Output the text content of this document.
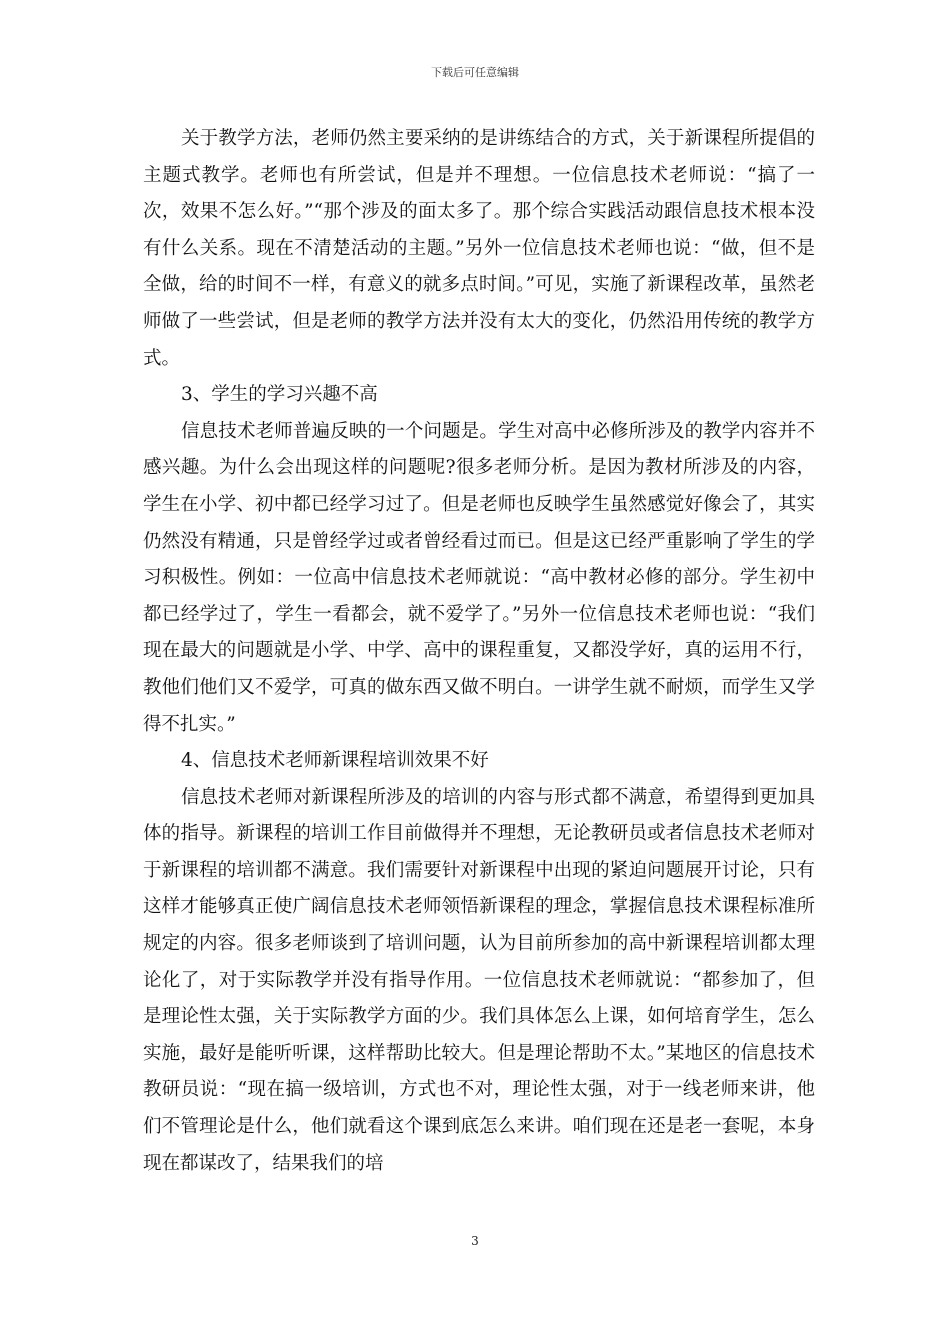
下载后可任意编辑

关于教学方法，老师仍然主要采纳的是讲练结合的方式，关于新课程所提倡的主题式教学。老师也有所尝试，但是并不理想。一位信息技术老师说：“搞了一次，效果不怎么好。”“那个涉及的面太多了。那个综合实践活动跟信息技术根本没有什么关系。现在不清楚活动的主题。”另外一位信息技术老师也说：“做，但不是全做，给的时间不一样，有意义的就多点时间。”可见，实施了新课程改革，虽然老师做了一些尝试，但是老师的教学方法并没有太大的变化，仍然沿用传统的教学方式。

3、学生的学习兴趣不高

信息技术老师普遍反映的一个问题是。学生对高中必修所涉及的教学内容并不感兴趣。为什么会出现这样的问题呢?很多老师分析。是因为教材所涉及的内容，学生在小学、初中都已经学习过了。但是老师也反映学生虽然感觉好像会了，其实仍然没有精通，只是曾经学过或者曾经看过而已。但是这已经严重影响了学生的学习积极性。例如：一位高中信息技术老师就说：“高中教材必修的部分。学生初中都已经学过了，学生一看都会，就不爱学了。”另外一位信息技术老师也说：“我们现在最大的问题就是小学、中学、高中的课程重复，又都没学好，真的运用不行，教他们他们又不爱学，可真的做东西又做不明白。一讲学生就不耐烦，而学生又学得不扎实。”

4、信息技术老师新课程培训效果不好

信息技术老师对新课程所涉及的培训的内容与形式都不满意，希望得到更加具体的指导。新课程的培训工作目前做得并不理想，无论教研员或者信息技术老师对于新课程的培训都不满意。我们需要针对新课程中出现的紧迫问题展开讨论，只有这样才能够真正使广阔信息技术老师领悟新课程的理念，掌握信息技术课程标准所规定的内容。很多老师谈到了培训问题，认为目前所参加的高中新课程培训都太理论化了，对于实际教学并没有指导作用。一位信息技术老师就说：“都参加了，但是理论性太强，关于实际教学方面的少。我们具体怎么上课，如何培育学生，怎么实施，最好是能听听课，这样帮助比较大。但是理论帮助不太。”某地区的信息技术教研员说：“现在搞一级培训，方式也不对，理论性太强，对于一线老师来讲，他们不管理论是什么，他们就看这个课到底怎么来讲。咱们现在还是老一套呢，本身现在都谋改了，结果我们的培

3
